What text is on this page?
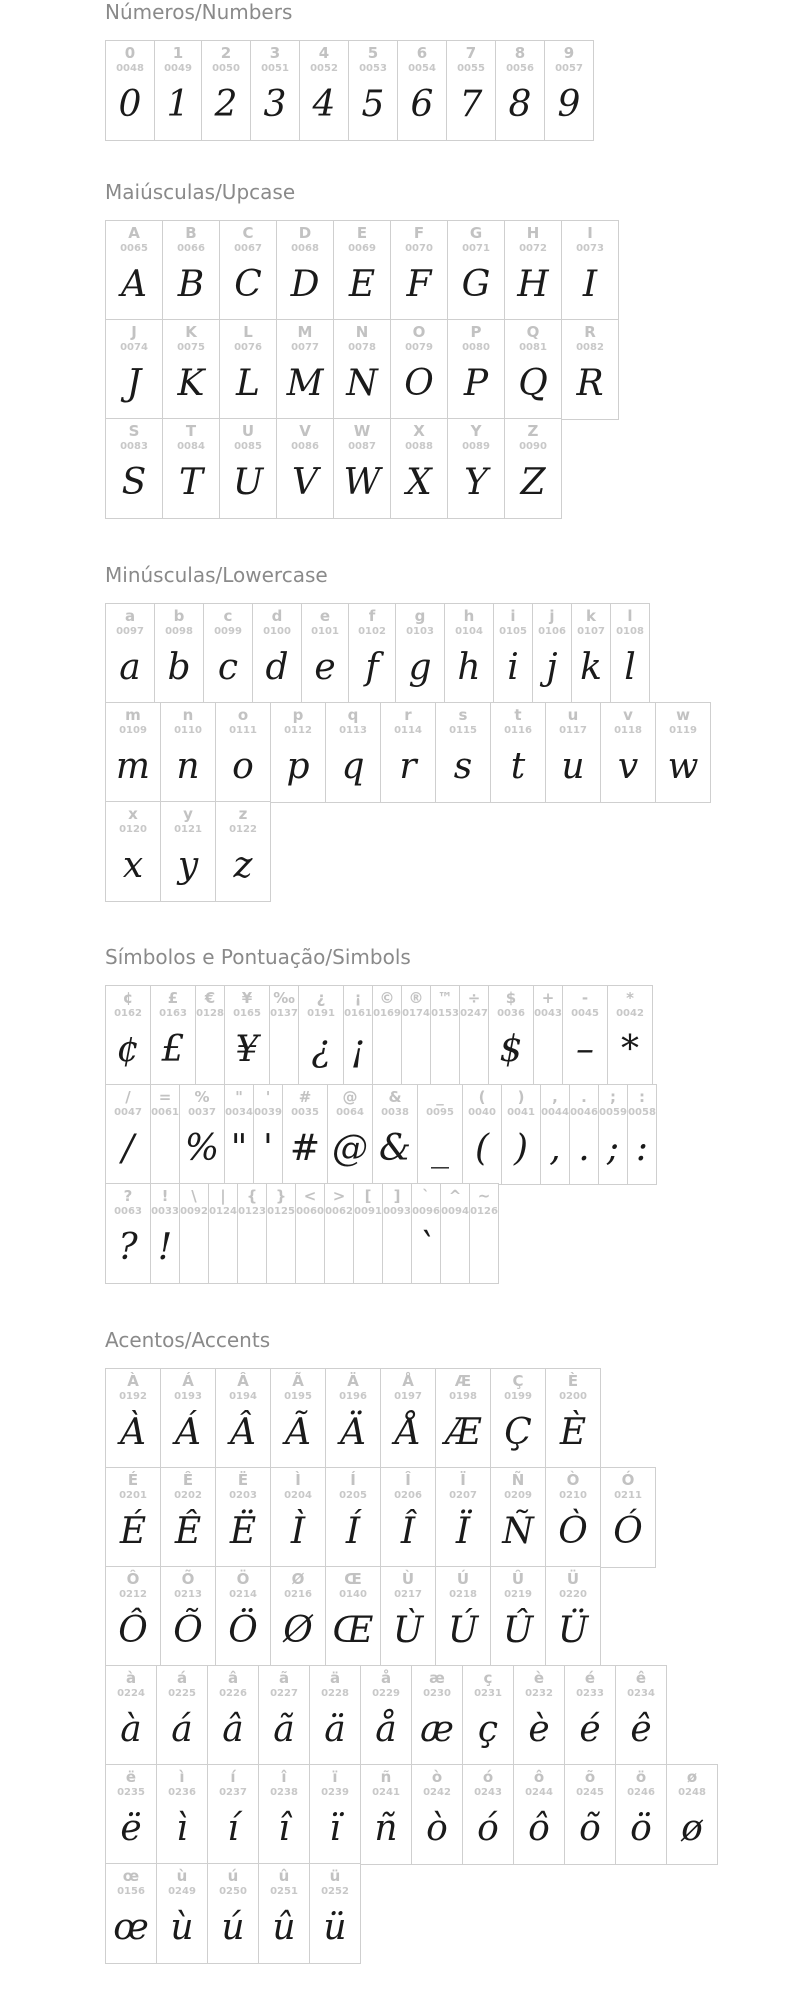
Números/Numbers
0
0048
0
1
0049
1
2
0050
2
3
0051
3
4
0052
4
5
0053
5
6
0054
6
7
0055
7
8
0056
8
9
0057
9
Maiúsculas/Upcase
A
0065
A
B
0066
B
C
0067
C
D
0068
D
E
0069
E
F
0070
F
G
0071
G
H
0072
H
I
0073
I
J
0074
J
K
0075
K
L
0076
L
M
0077
M
N
0078
N
O
0079
O
P
0080
P
Q
0081
Q
R
0082
R
S
0083
S
T
0084
T
U
0085
U
V
0086
V
W
0087
W
X
0088
X
Y
0089
Y
Z
0090
Z
Minúsculas/Lowercase
a
0097
a
b
0098
b
c
0099
c
d
0100
d
e
0101
e
f
0102
f
g
0103
g
h
0104
h
i
0105
i
j
0106
j
k
0107
k
l
0108
l
m
0109
m
n
0110
n
o
0111
o
p
0112
p
q
0113
q
r
0114
r
s
0115
s
t
0116
t
u
0117
u
v
0118
v
w
0119
w
x
0120
x
y
0121
y
z
0122
z
Símbolos e Pontuação/Simbols
¢
0162
¢
£
0163
£
€
0128
¥
0165
¥
‰
0137
¿
0191
¿
¡
0161
¡
©
0169
®
0174
™
0153
÷
0247
$
0036
$
+
0043
-
0045
–
*
0042
*
/
0047
/
=
0061
%
0037
%
"
0034
"
'
0039
'
#
0035
#
@
0064
@
&
0038
&
_
0095
_
(
0040
(
)
0041
)
,
0044
,
.
0046
.
;
0059
;
:
0058
:
?
0063
?
!
0033
!
\
0092
|
0124
{
0123
}
0125
<
0060
>
0062
[
0091
]
0093
`
0096
`
^
0094
~
0126
Acentos/Accents
À
0192
À
Á
0193
Á
Â
0194
Â
Ã
0195
Ã
Ä
0196
Ä
Å
0197
Å
Æ
0198
Æ
Ç
0199
Ç
È
0200
È
É
0201
É
Ê
0202
Ê
Ë
0203
Ë
Ì
0204
Ì
Í
0205
Í
Î
0206
Î
Ï
0207
Ï
Ñ
0209
Ñ
Ò
0210
Ò
Ó
0211
Ó
Ô
0212
Ô
Õ
0213
Õ
Ö
0214
Ö
Ø
0216
Ø
Œ
0140
Œ
Ù
0217
Ù
Ú
0218
Ú
Û
0219
Û
Ü
0220
Ü
à
0224
à
á
0225
á
â
0226
â
ã
0227
ã
ä
0228
ä
å
0229
å
æ
0230
æ
ç
0231
ç
è
0232
è
é
0233
é
ê
0234
ê
ë
0235
ë
ì
0236
ì
í
0237
í
î
0238
î
ï
0239
ï
ñ
0241
ñ
ò
0242
ò
ó
0243
ó
ô
0244
ô
õ
0245
õ
ö
0246
ö
ø
0248
ø
œ
0156
œ
ù
0249
ù
ú
0250
ú
û
0251
û
ü
0252
ü
